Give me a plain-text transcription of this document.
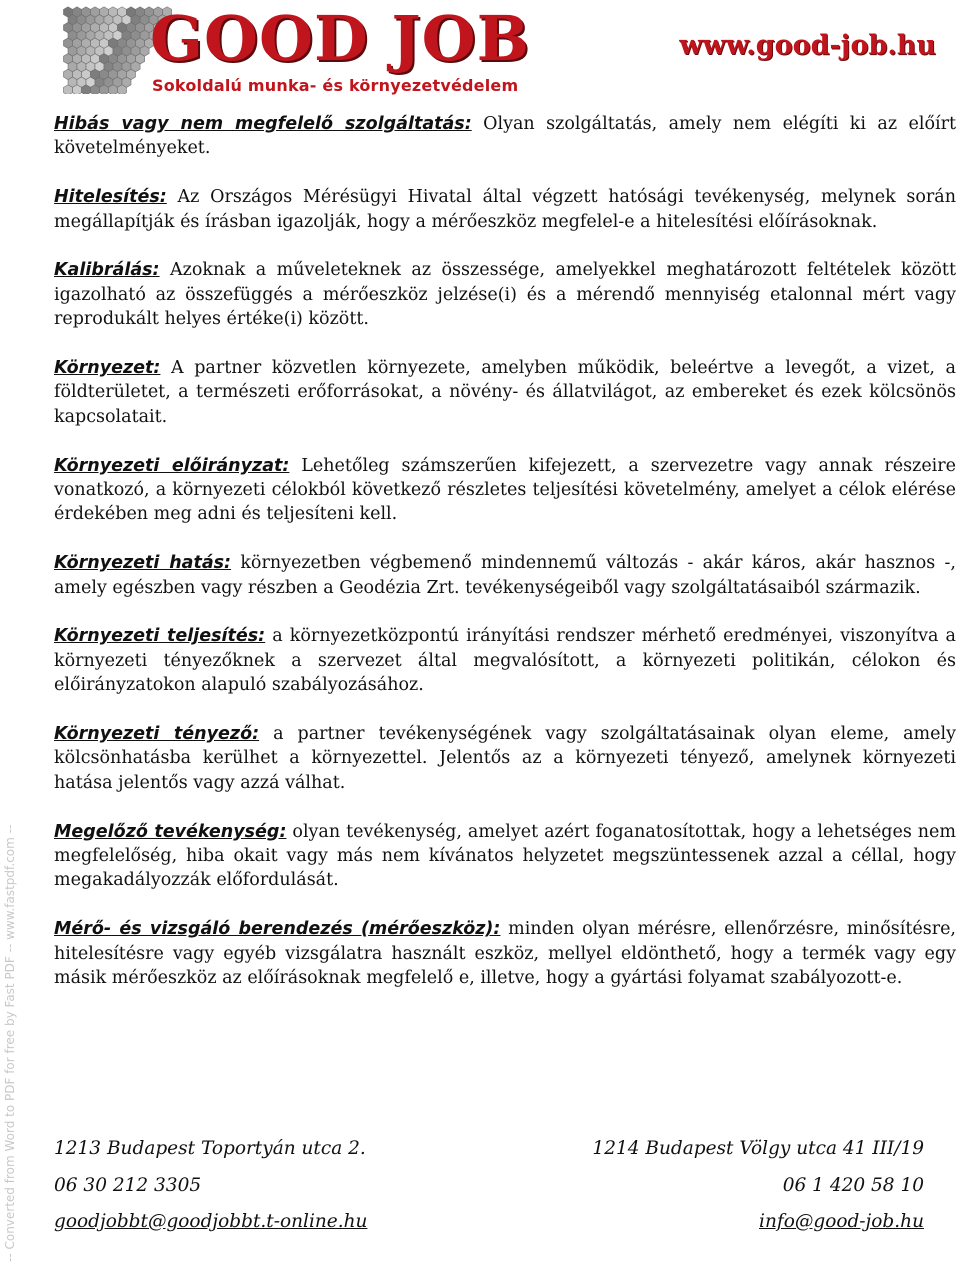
GOOD JOB
Sokoldalú munka- és környezetvédelem
www.good-job.hu

Hibás vagy nem megfelelő szolgáltatás: Olyan szolgáltatás, amely nem elégíti ki az előírt követelményeket.

Hitelesítés: Az Országos Mérésügyi Hivatal által végzett hatósági tevékenység, melynek során megállapítják és írásban igazolják, hogy a mérőeszköz megfelel-e a hitelesítési előírásoknak.

Kalibrálás: Azoknak a műveleteknek az összessége, amelyekkel meghatározott feltételek között igazolható az összefüggés a mérőeszköz jelzése(i) és a mérendő mennyiség etalonnal mért vagy reprodukált helyes értéke(i) között.

Környezet: A partner közvetlen környezete, amelyben működik, beleértve a levegőt, a vizet, a földterületet, a természeti erőforrásokat, a növény- és állatvilágot, az embereket és ezek kölcsönös kapcsolatait.

Környezeti előirányzat: Lehetőleg számszerűen kifejezett, a szervezetre vagy annak részeire vonatkozó, a környezeti célokból következő részletes teljesítési követelmény, amelyet a célok elérése érdekében meg adni és teljesíteni kell.

Környezeti hatás: környezetben végbemenő mindennemű változás - akár káros, akár hasznos -, amely egészben vagy részben a Geodézia Zrt. tevékenységeiből vagy szolgáltatásaiból származik.

Környezeti teljesítés: a környezetközpontú irányítási rendszer mérhető eredményei, viszonyítva a környezeti tényezőknek a szervezet által megvalósított, a környezeti politikán, célokon és előirányzatokon alapuló szabályozásához.

Környezeti tényező: a partner tevékenységének vagy szolgáltatásainak olyan eleme, amely kölcsönhatásba kerülhet a környezettel. Jelentős az a környezeti tényező, amelynek környezeti hatása jelentős vagy azzá válhat.

Megelőző tevékenység: olyan tevékenység, amelyet azért foganatosítottak, hogy a lehetséges nem megfelelőség, hiba okait vagy más nem kívánatos helyzetet megszüntessenek azzal a céllal, hogy megakadályozzák előfordulását.

Mérő- és vizsgáló berendezés (mérőeszköz): minden olyan mérésre, ellenőrzésre, minősítésre, hitelesítésre vagy egyéb vizsgálatra használt eszköz, mellyel eldönthető, hogy a termék vagy egy másik mérőeszköz az előírásoknak megfelelő e, illetve, hogy a gyártási folyamat szabályozott-e.

1213 Budapest Toportyán utca 2.	1214 Budapest Völgy utca 41 III/19
06 30 212 3305	06 1 420 58 10
goodjobbt@goodjobbt.t-online.hu	info@good-job.hu
-- Converted from Word to PDF for free by Fast PDF -- www.fastpdf.com --
